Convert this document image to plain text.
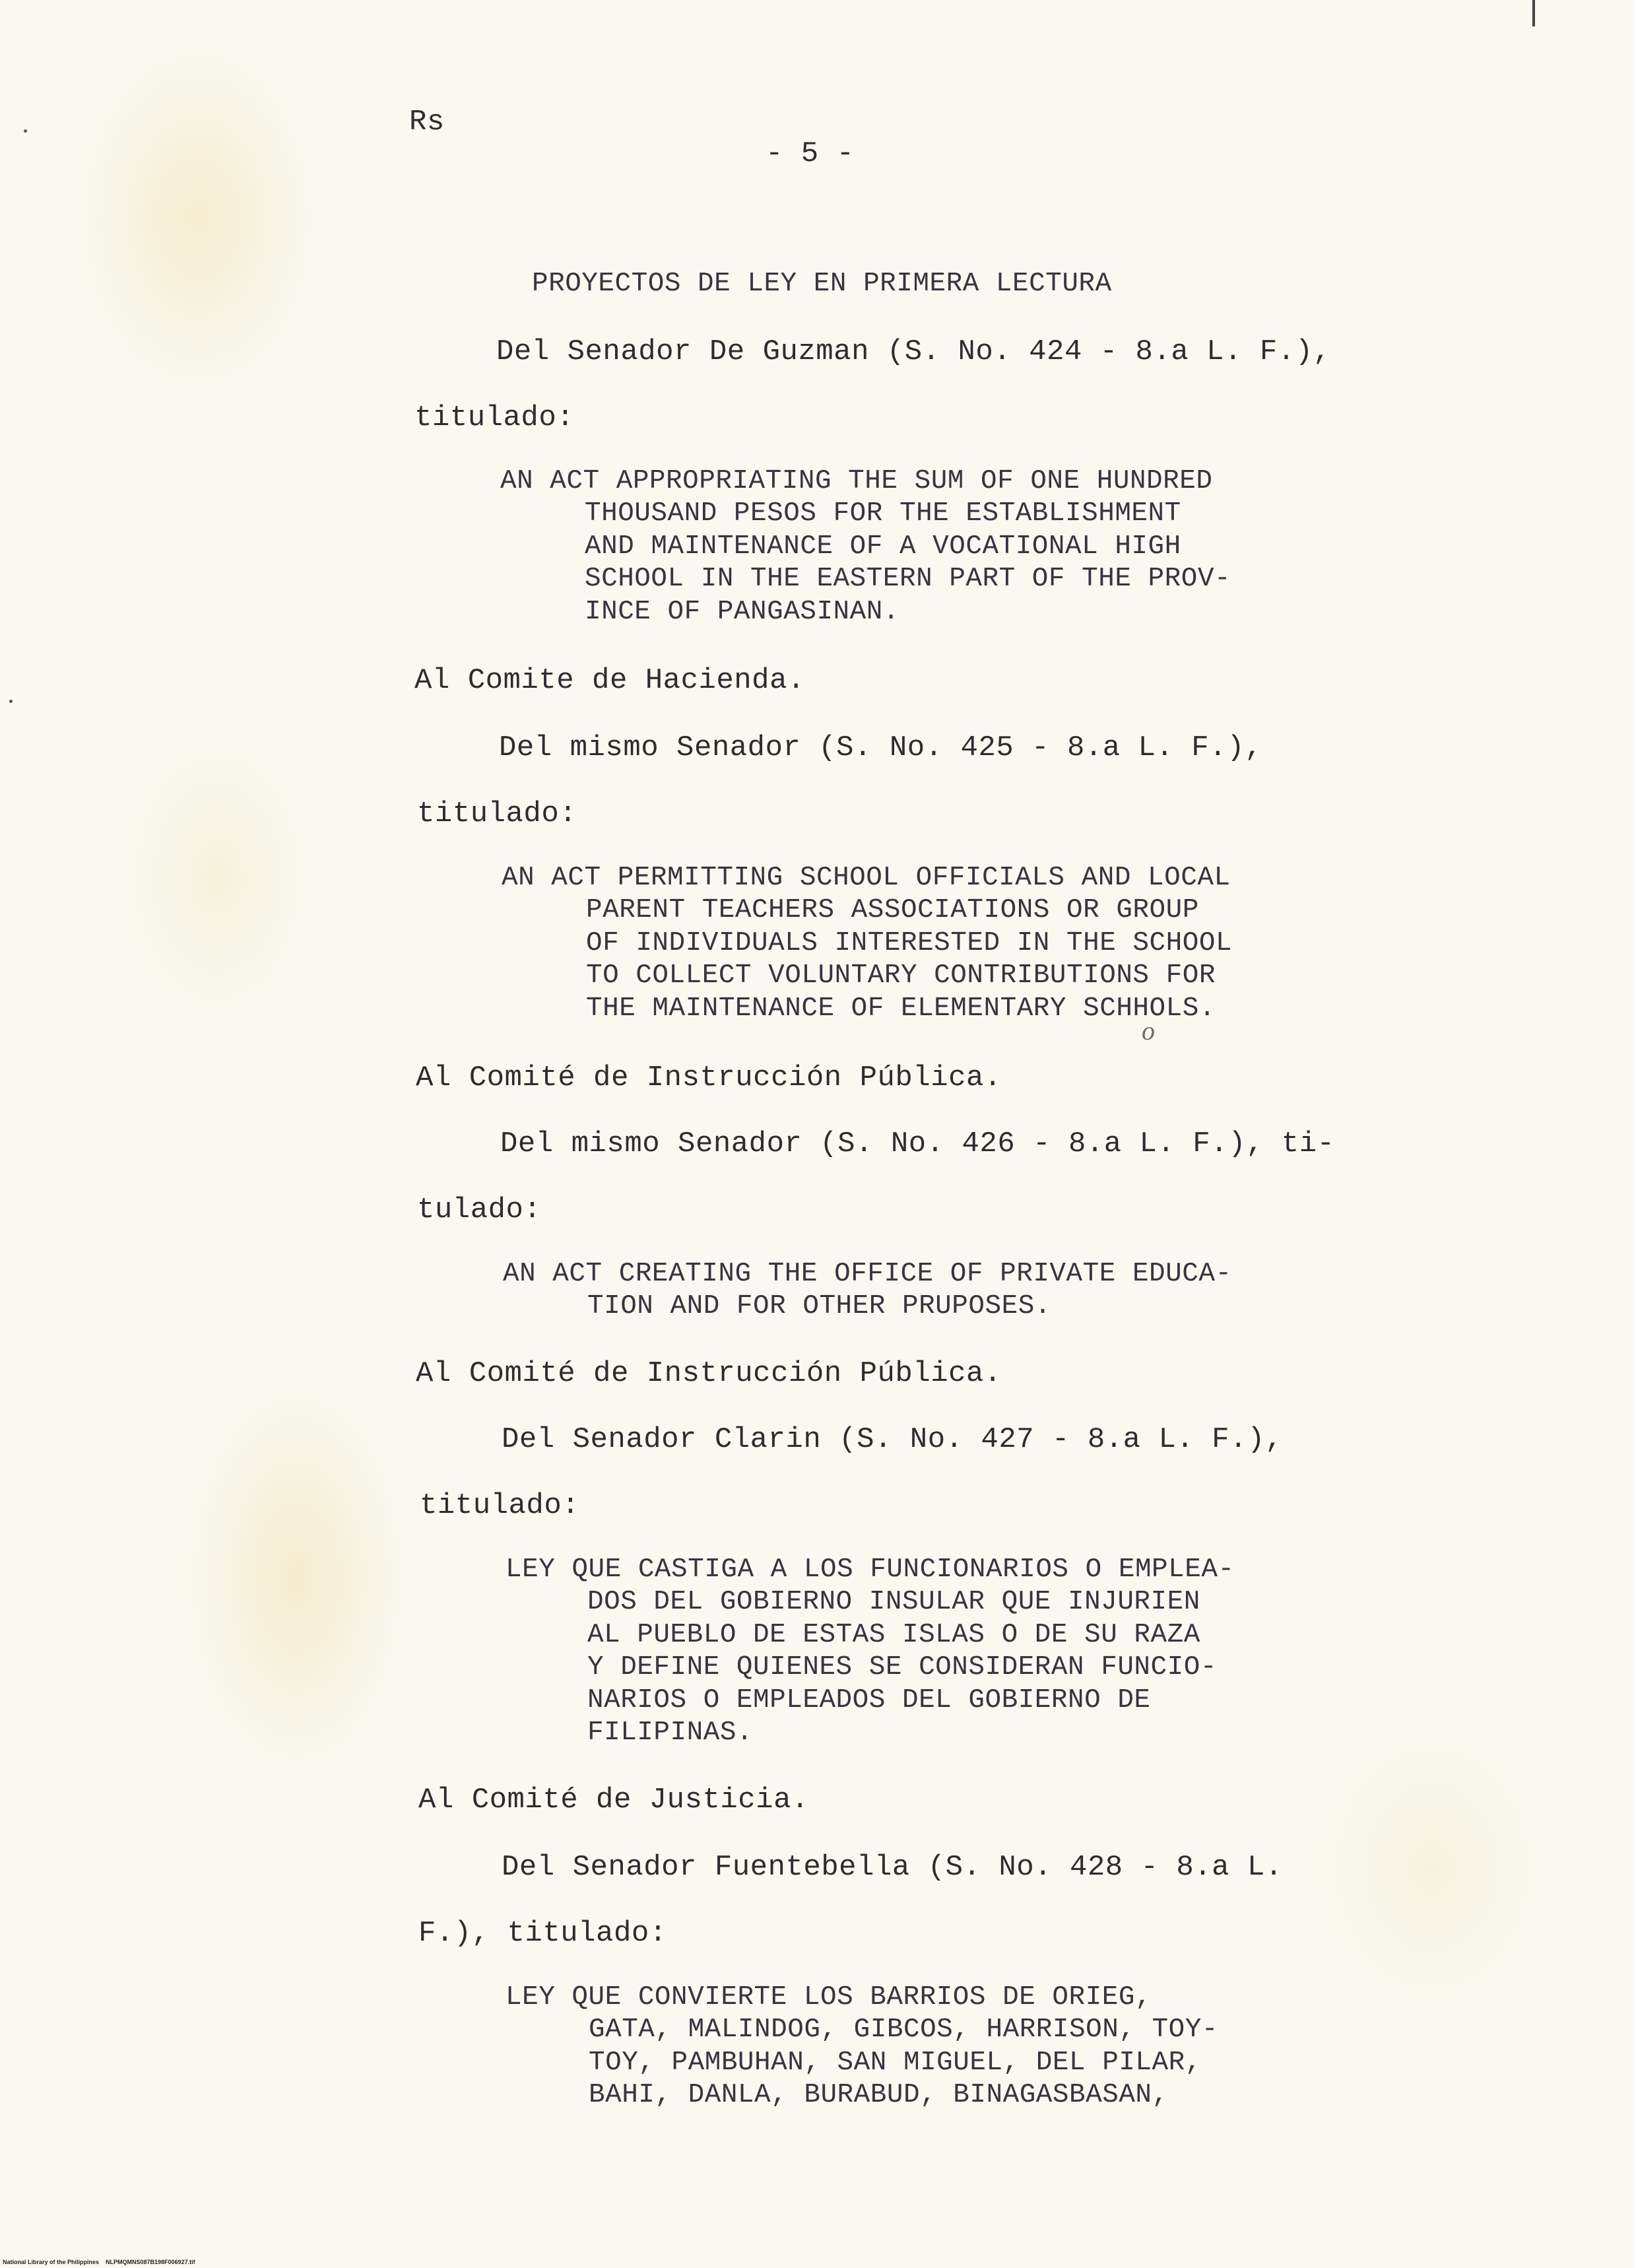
Rs

- 5 -

PROYECTOS DE LEY EN PRIMERA LECTURA

Del Senador De Guzman (S. No. 424 - 8.a L. F.),

titulado:

AN ACT APPROPRIATING THE SUM OF ONE HUNDRED

THOUSAND PESOS FOR THE ESTABLISHMENT
AND MAINTENANCE OF A VOCATIONAL HIGH
SCHOOL IN THE EASTERN PART OF THE PROV-
INCE OF PANGASINAN.

Al Comite de Hacienda.

Del mismo Senador (S. No. 425 - 8.a L. F.),

titulado:

AN ACT PERMITTING SCHOOL OFFICIALS AND LOCAL

PARENT TEACHERS ASSOCIATIONS OR GROUP
OF INDIVIDUALS INTERESTED IN THE SCHOOL
TO COLLECT VOLUNTARY CONTRIBUTIONS FOR
THE MAINTENANCE OF ELEMENTARY SCHHOLS.
o

Al Comité de Instrucción Pública.

Del mismo Senador (S. No. 426 - 8.a L. F.), ti-

tulado:

AN ACT CREATING THE OFFICE OF PRIVATE EDUCA-

TION AND FOR OTHER PRUPOSES.

Al Comité de Instrucción Pública.

Del Senador Clarin (S. No. 427 - 8.a L. F.),

titulado:

LEY QUE CASTIGA A LOS FUNCIONARIOS O EMPLEA-

DOS DEL GOBIERNO INSULAR QUE INJURIEN
AL PUEBLO DE ESTAS ISLAS O DE SU RAZA
Y DEFINE QUIENES SE CONSIDERAN FUNCIO-
NARIOS O EMPLEADOS DEL GOBIERNO DE
FILIPINAS.

Al Comité de Justicia.

Del Senador Fuentebella (S. No. 428 - 8.a L.

F.), titulado:

LEY QUE CONVIERTE LOS BARRIOS DE ORIEG,

GATA, MALINDOG, GIBCOS, HARRISON, TOY-
TOY, PAMBUHAN, SAN MIGUEL, DEL PILAR,
BAHI, DANLA, BURABUD, BINAGASBASAN,
National Library of the Philippines    NLPMQMNS087B198F006927.tif
